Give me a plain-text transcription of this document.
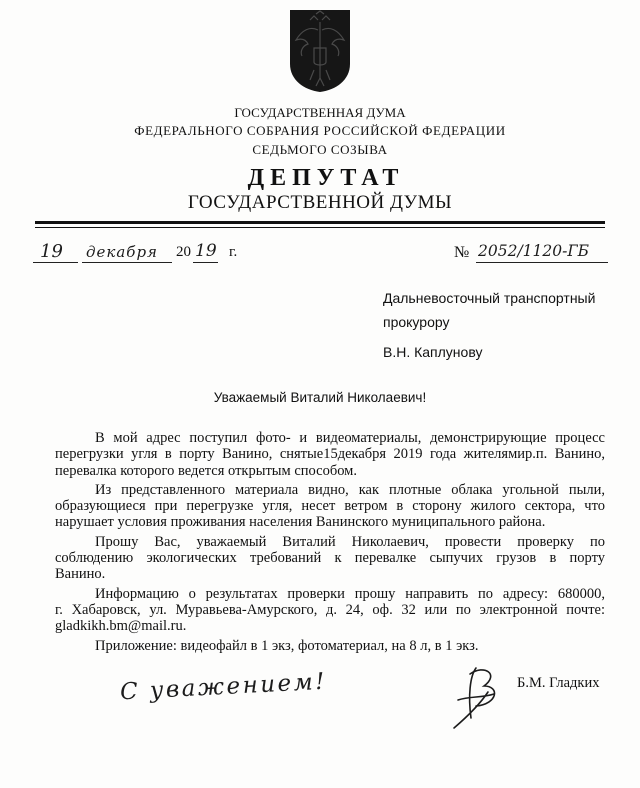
ГОСУДАРСТВЕННАЯ ДУМА
ФЕДЕРАЛЬНОГО СОБРАНИЯ РОССИЙСКОЙ ФЕДЕРАЦИИ
СЕДЬМОГО СОЗЫВА
ДЕПУТАТ
ГОСУДАРСТВЕННОЙ ДУМЫ
19 декабря 20 19 г.	№ 2052/1120-ГБ
Дальневосточный транспортный
прокурору
В.Н. Каплунову
Уважаемый Виталий Николаевич!
В мой адрес поступил фото- и видеоматериалы, демонстрирующие процесс
перегрузки угля в порту Ванино, снятые15декабря 2019 года жителямир.п. Ванино,
перевалка которого ведется открытым способом.
Из представленного материала видно, как плотные облака угольной пыли,
образующиеся при перегрузке угля, несет ветром в сторону жилого сектора, что
нарушает условия проживания населения Ванинского муниципального района.
Прошу Вас, уважаемый Виталий Николаевич, провести проверку по
соблюдению экологических требований к перевалке сыпучих грузов в порту
Ванино.
Информацию о результатах проверки прошу направить по адресу: 680000,
г. Хабаровск, ул. Муравьева-Амурского, д. 24, оф. 32 или по электронной почте:
gladkikh.bm@mail.ru.
Приложение: видеофайл в 1 экз, фотоматериал, на 8 л, в 1 экз.
С уважением!	Б.М. Гладких
